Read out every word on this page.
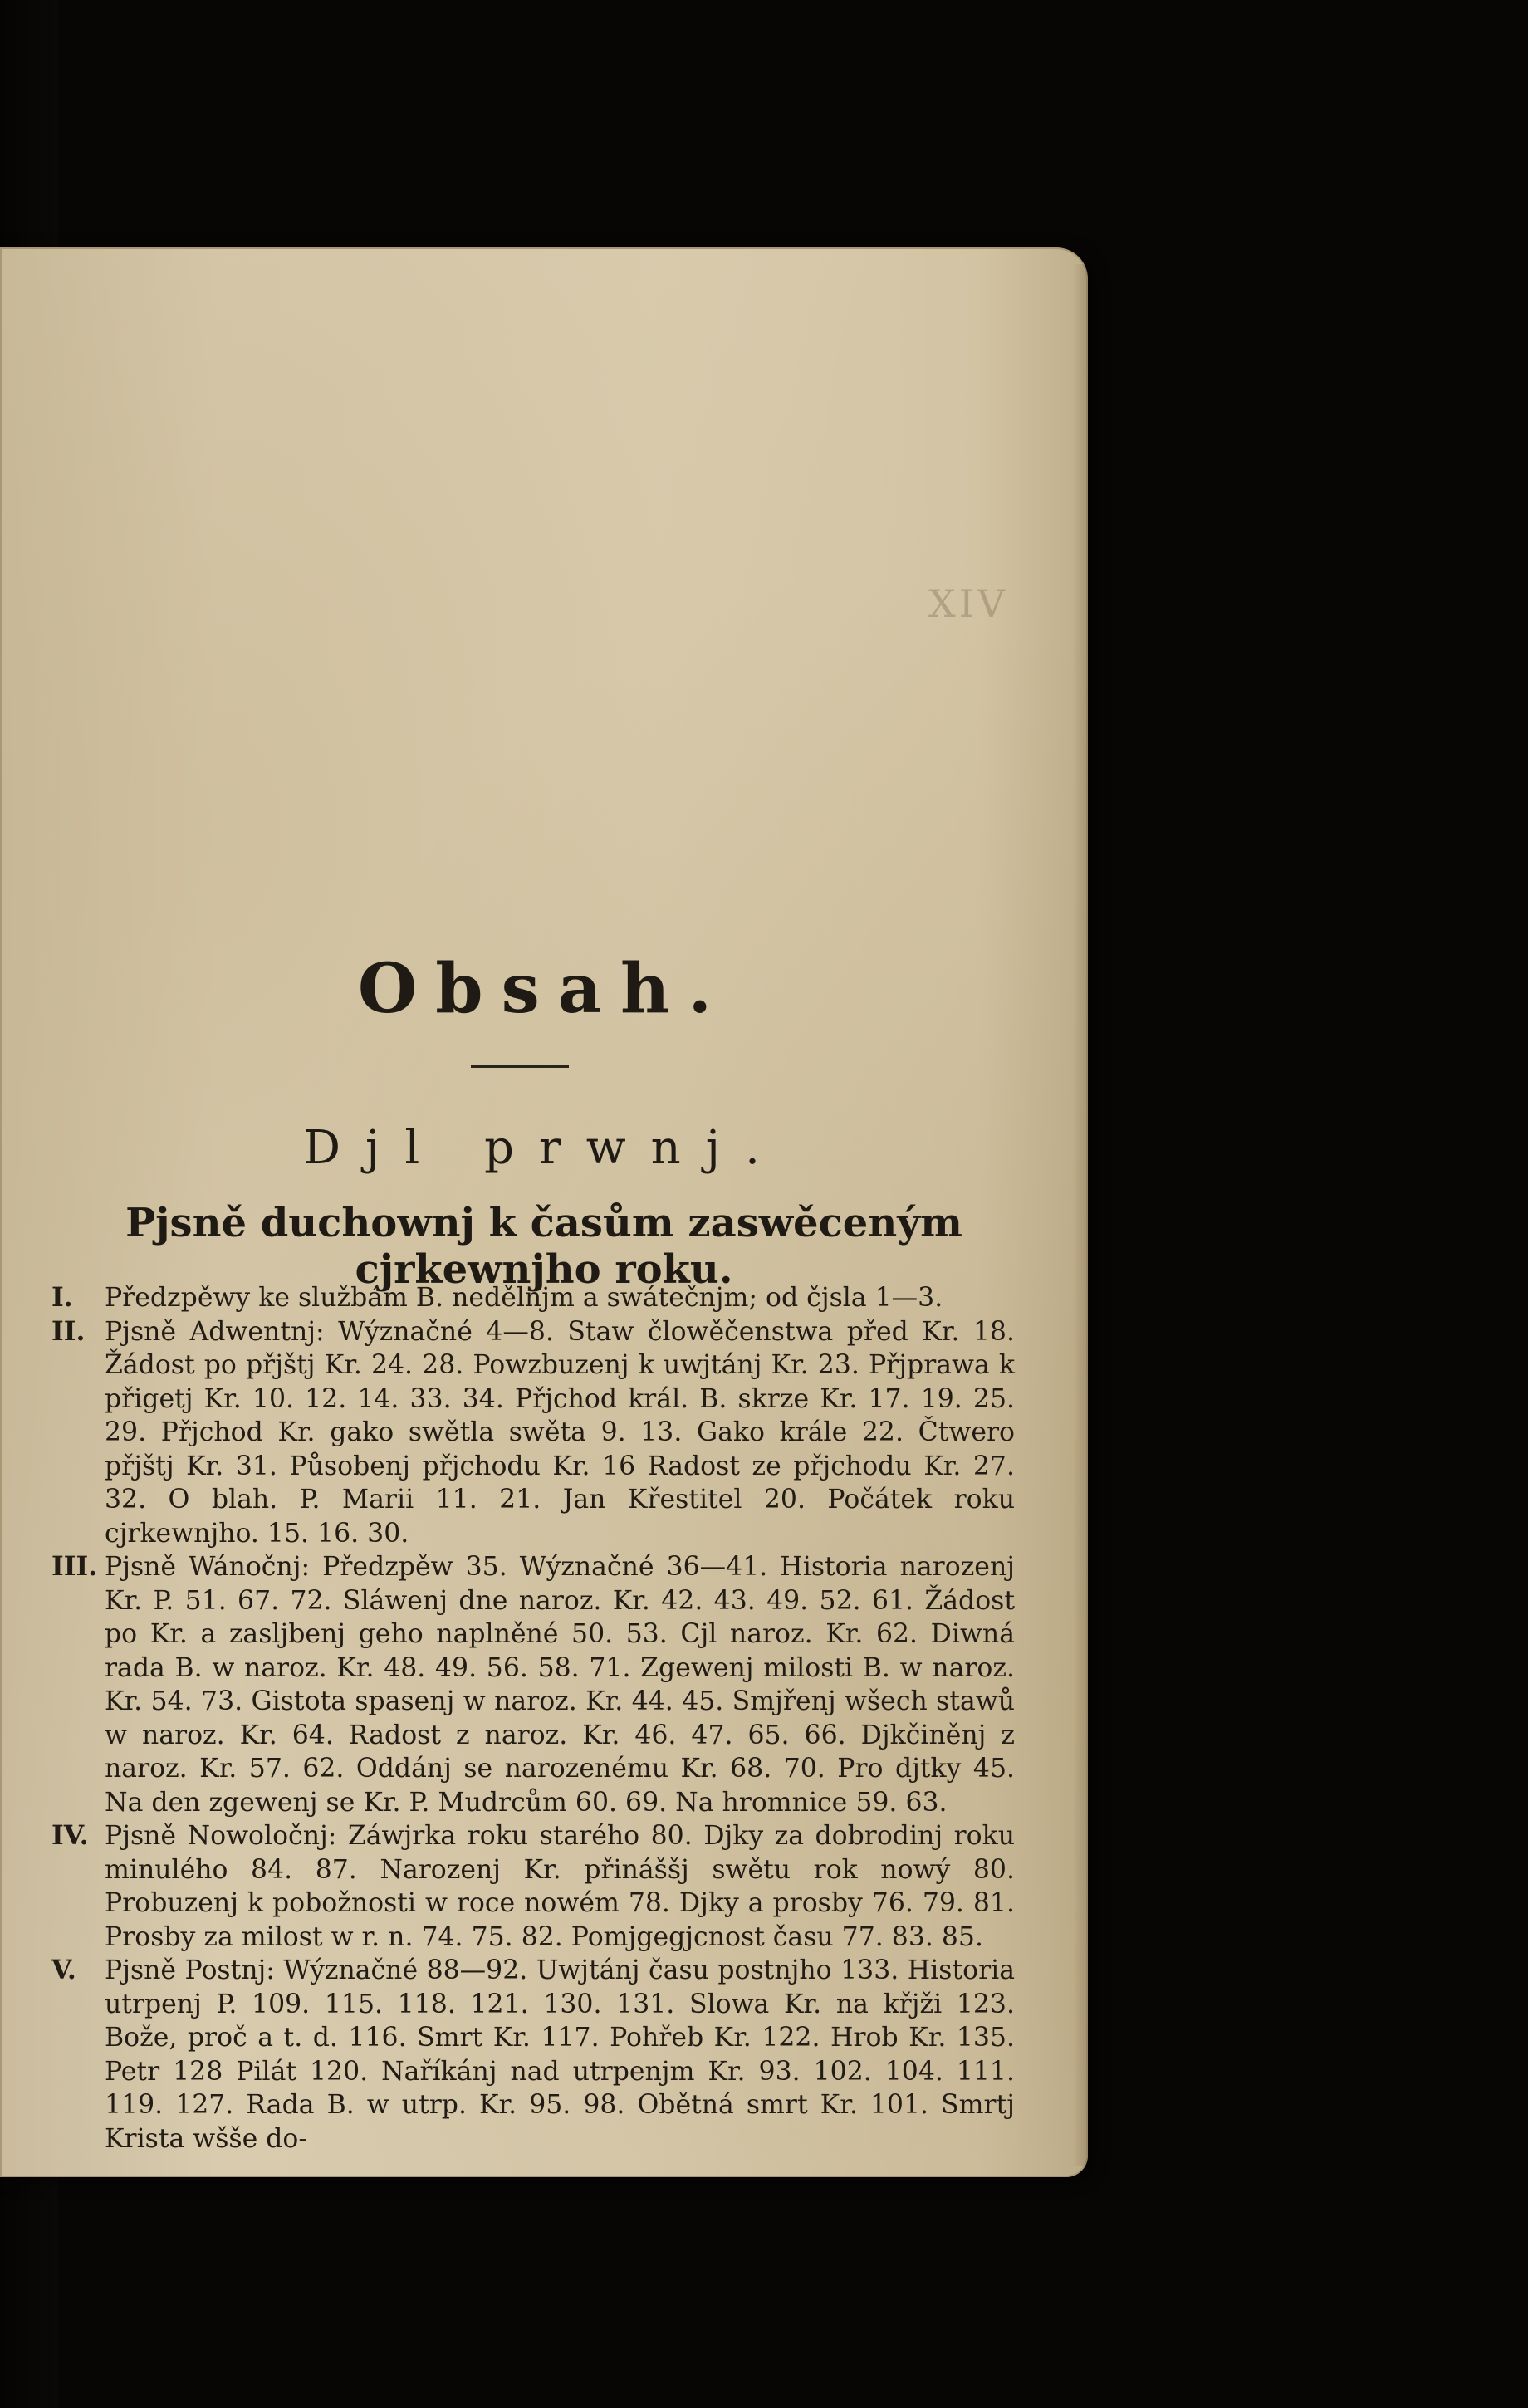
XIV
Obsah.
Djl prwnj.
Pjsně duchownj k časům zaswěceným cjrkewnjho roku.
I.	Předzpěwy ke službám B. nedělnjm a swátečnjm; od čjsla 1—3.
II. Pjsně Adwentnj: Wýznačné 4—8. Staw člowěčenstwa před Kr. 18. Žádost po přjštj Kr. 24. 28. Powzbuzenj k uwjtánj Kr. 23. Přjprawa k přigetj Kr. 10. 12. 14. 33. 34. Přjchod král. B. skrze Kr. 17. 19. 25. 29. Přjchod Kr. gako swětla swěta 9. 13. Gako krále 22. Čtwero přjštj Kr. 31. Působenj přjchodu Kr. 16 Radost ze přjchodu Kr. 27. 32. O blah. P. Marii 11. 21. Jan Křestitel 20. Počátek roku cjrkewnjho. 15. 16. 30.
III. Pjsně Wánočnj: Předzpěw 35. Wýznačné 36—41. Historia narozenj Kr. P. 51. 67. 72. Sláwenj dne naroz. Kr. 42. 43. 49. 52. 61. Žádost po Kr. a zasljbenj geho naplněné 50. 53. Cjl naroz. Kr. 62. Diwná rada B. w naroz. Kr. 48. 49. 56. 58. 71. Zgewenj milosti B. w naroz. Kr. 54. 73. Gistota spasenj w naroz. Kr. 44. 45. Smjřenj wšech stawů w naroz. Kr. 64. Radost z naroz. Kr. 46. 47. 65. 66. Djkčiněnj z naroz. Kr. 57. 62. Oddánj se narozenému Kr. 68. 70. Pro djtky 45. Na den zgewenj se Kr. P. Mudrcům 60. 69. Na hromnice 59. 63.
IV. Pjsně Nowoločnj: Záwjrka roku starého 80. Djky za dobrodinj roku minulého 84. 87. Narozenj Kr. přináššj swětu rok nowý 80. Probuzenj k pobožnosti w roce nowém 78. Djky a prosby 76. 79. 81. Prosby za milost w r. n. 74. 75. 82. Pomjgegjcnost času 77. 83. 85.
V.	Pjsně Postnj: Wýznačné 88—92. Uwjtánj času postnjho 133. Historia utrpenj P. 109. 115. 118. 121. 130. 131. Slowa Kr. na křjži 123. Bože, proč a t. d. 116. Smrt Kr. 117. Pohřeb Kr. 122. Hrob Kr. 135. Petr 128 Pilát 120. Naříkánj nad utrpenjm Kr. 93. 102. 104. 111. 119. 127. Rada B. w utrp. Kr. 95. 98. Obětná smrt Kr. 101. Smrtj Krista wšše do-
